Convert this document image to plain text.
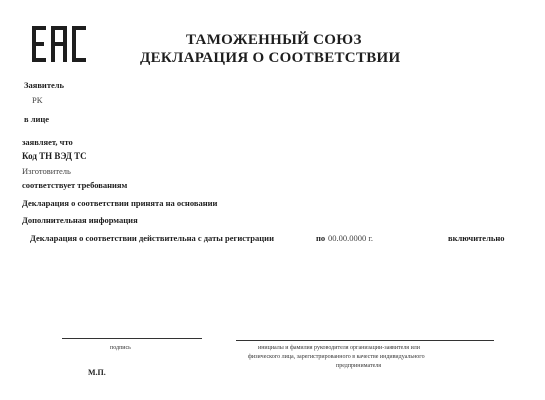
ТАМОЖЕННЫЙ СОЮЗ
ДЕКЛАРАЦИЯ О СООТВЕТСТВИИ
Заявитель
РК
в лице
заявляет, что
Код ТН ВЭД ТС
Изготовитель
соответствует требованиям
Декларация о соответствии принята на основании
Дополнительная информация
Декларация о соответствии действительна с даты регистрации	по 00.00.0000 г.	включительно
подпись	инициалы и фамилия руководителя организации-заявителя или
физического лица, зарегистрированного в качестве индивидуального
предпринимателя
М.П.
